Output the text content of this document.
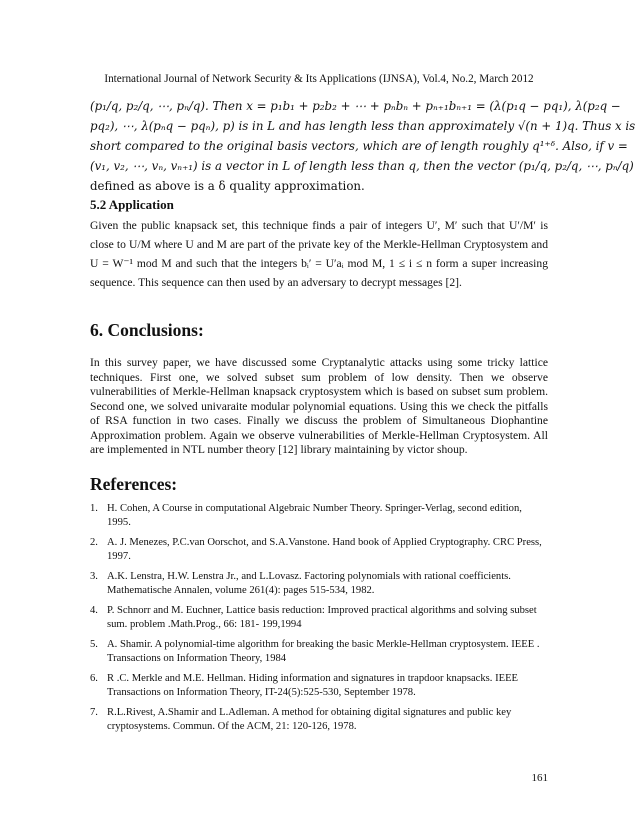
International Journal of Network Security & Its Applications (IJNSA), Vol.4, No.2, March 2012
(p₁/q, p₂/q, ⋯, pₙ/q). Then x = p₁b₁ + p₂b₂ + ⋯ + pₙbₙ + pₙ₊₁bₙ₊₁ = (λ(p₁q − pq₁), λ(p₂q −
pq₂), ⋯, λ(pₙq − pqₙ), p) is in L and has length less than approximately √(n + 1)q. Thus x is
short compared to the original basis vectors, which are of length roughly q¹⁺ᵟ. Also, if v =
(v₁, v₂, ⋯, vₙ, vₙ₊₁) is a vector in L of length less than q, then the vector (p₁/q, p₂/q, ⋯, pₙ/q)
defined as above is a δ quality approximation.
5.2 Application
Given the public knapsack set, this technique finds a pair of integers U′, M′ such that U′/M′ is close to U/M where U and M are part of the private key of the Merkle-Hellman Cryptosystem and U = W⁻¹ mod M and such that the integers bᵢ′ = U′aᵢ mod M, 1 ≤ i ≤ n form a super increasing sequence. This sequence can then used by an adversary to decrypt messages [2].
6. Conclusions:
In this survey paper, we have discussed some Cryptanalytic attacks using some tricky lattice techniques. First one, we solved subset sum problem of low density. Then we observe vulnerabilities of Merkle-Hellman knapsack cryptosystem which is based on subset sum problem. Second one, we solved univaraite modular polynomial equations. Using this we check the pitfalls of RSA function in two cases. Finally we discuss the problem of Simultaneous Diophantine Approximation problem. Again we observe vulnerabilities of Merkle-Hellman Cryptosystem. All are implemented in NTL number theory [12] library maintaining by victor shoup.
References:
1. H. Cohen, A Course in computational Algebraic Number Theory. Springer-Verlag, second edition, 1995.
2. A. J. Menezes, P.C.van Oorschot, and S.A.Vanstone. Hand book of Applied Cryptography. CRC Press, 1997.
3. A.K. Lenstra, H.W. Lenstra Jr., and L.Lovasz. Factoring polynomials with rational coefficients. Mathematische Annalen, volume 261(4): pages 515-534, 1982.
4. P. Schnorr and M. Euchner, Lattice basis reduction: Improved practical algorithms and solving subset sum. problem .Math.Prog., 66: 181- 199,1994
5. A. Shamir. A polynomial-time algorithm for breaking the basic Merkle-Hellman cryptosystem. IEEE . Transactions on Information Theory, 1984
6. R .C. Merkle and M.E. Hellman. Hiding information and signatures in trapdoor knapsacks. IEEE Transactions on Information Theory, IT-24(5):525-530, September 1978.
7. R.L.Rivest, A.Shamir and L.Adleman. A method for obtaining digital signatures and public key cryptosystems. Commun. Of the ACM, 21: 120-126, 1978.
161
